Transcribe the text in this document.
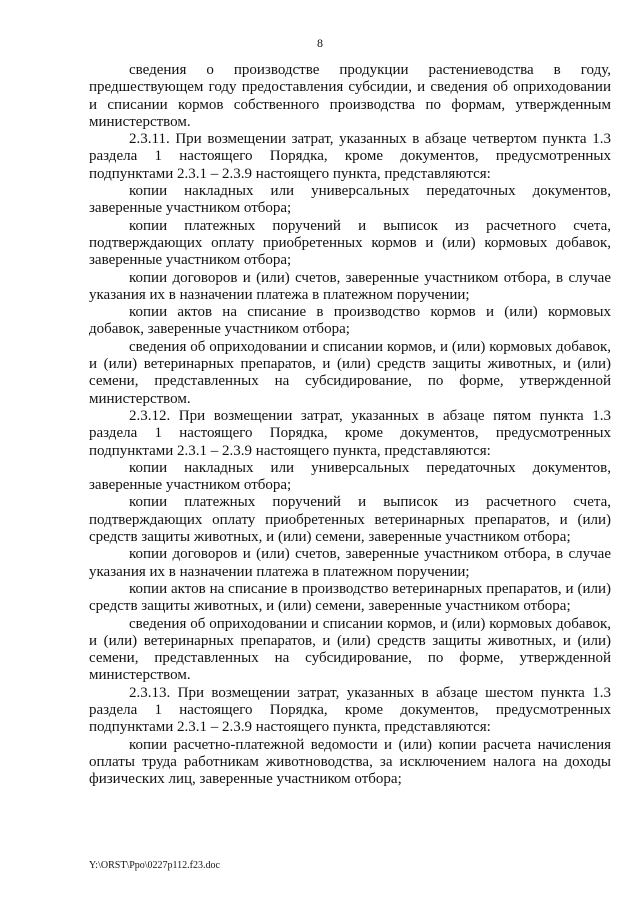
8

сведения о производстве продукции растениеводства в году, предшествующем году предоставления субсидии, и сведения об оприходовании и списании кормов собственного производства по формам, утвержденным министерством.

2.3.11. При возмещении затрат, указанных в абзаце четвертом пункта 1.3 раздела 1 настоящего Порядка, кроме документов, предусмотренных подпунктами 2.3.1 – 2.3.9 настоящего пункта, представляются:

копии накладных или универсальных передаточных документов, заверенные участником отбора;

копии платежных поручений и выписок из расчетного счета, подтверждающих оплату приобретенных кормов и (или) кормовых добавок, заверенные участником отбора;

копии договоров и (или) счетов, заверенные участником отбора, в случае указания их в назначении платежа в платежном поручении;

копии актов на списание в производство кормов и (или) кормовых добавок, заверенные участником отбора;

сведения об оприходовании и списании кормов, и (или) кормовых добавок, и (или) ветеринарных препаратов, и (или) средств защиты животных, и (или) семени, представленных на субсидирование, по форме, утвержденной министерством.

2.3.12. При возмещении затрат, указанных в абзаце пятом пункта 1.3 раздела 1 настоящего Порядка, кроме документов, предусмотренных подпунктами 2.3.1 – 2.3.9 настоящего пункта, представляются:

копии накладных или универсальных передаточных документов, заверенные участником отбора;

копии платежных поручений и выписок из расчетного счета, подтверждающих оплату приобретенных ветеринарных препаратов, и (или) средств защиты животных, и (или) семени, заверенные участником отбора;

копии договоров и (или) счетов, заверенные участником отбора, в случае указания их в назначении платежа в платежном поручении;

копии актов на списание в производство ветеринарных препаратов, и (или) средств защиты животных, и (или) семени, заверенные участником отбора;

сведения об оприходовании и списании кормов, и (или) кормовых добавок, и (или) ветеринарных препаратов, и (или) средств защиты животных, и (или) семени, представленных на субсидирование, по форме, утвержденной министерством.

2.3.13. При возмещении затрат, указанных в абзаце шестом пункта 1.3 раздела 1 настоящего Порядка, кроме документов, предусмотренных подпунктами 2.3.1 – 2.3.9 настоящего пункта, представляются:

копии расчетно-платежной ведомости и (или) копии расчета начисления оплаты труда работникам животноводства, за исключением налога на доходы физических лиц, заверенные участником отбора;

Y:\ORST\Ppo\0227p112.f23.doc
